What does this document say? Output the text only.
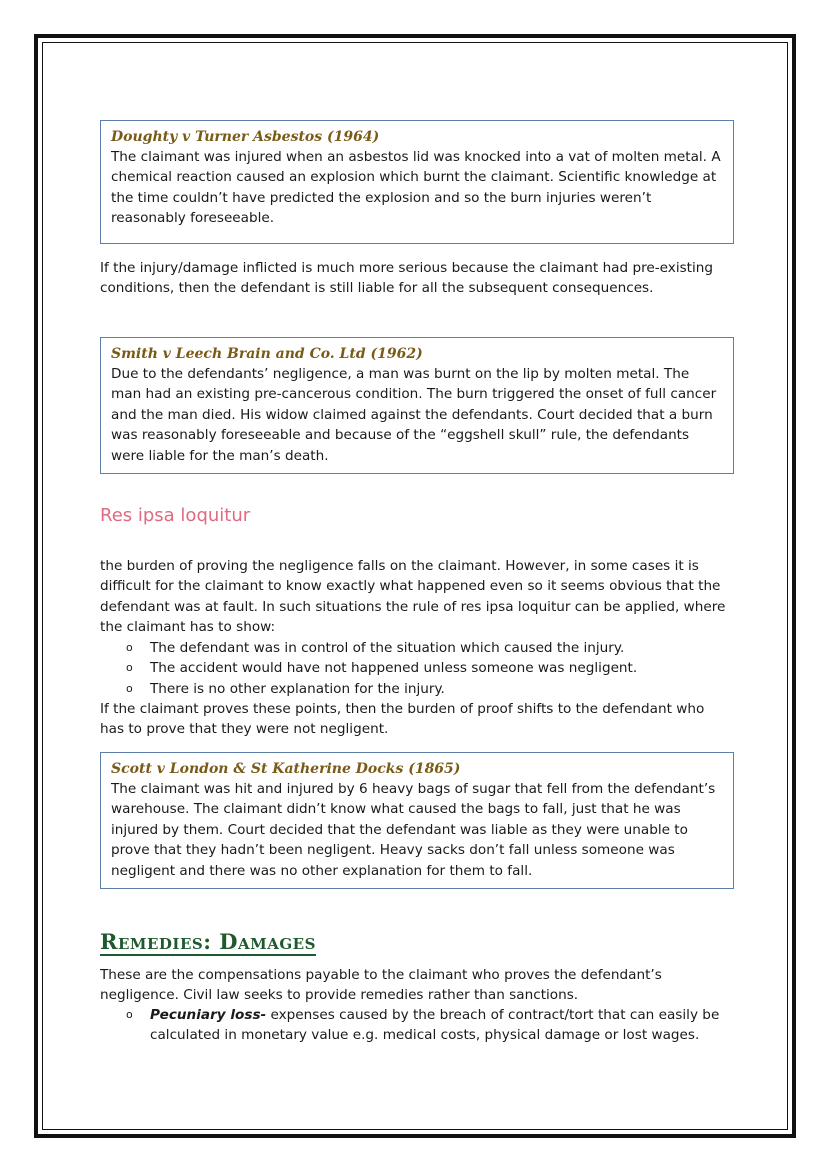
Doughty v Turner Asbestos (1964)
The claimant was injured when an asbestos lid was knocked into a vat of molten metal. A chemical reaction caused an explosion which burnt the claimant. Scientific knowledge at the time couldn’t have predicted the explosion and so the burn injuries weren’t reasonably foreseeable.
If the injury/damage inflicted is much more serious because the claimant had pre-existing conditions, then the defendant is still liable for all the subsequent consequences.
Smith v Leech Brain and Co. Ltd (1962)
Due to the defendants’ negligence, a man was burnt on the lip by molten metal. The man had an existing pre-cancerous condition. The burn triggered the onset of full cancer and the man died. His widow claimed against the defendants. Court decided that a burn was reasonably foreseeable and because of the “eggshell skull” rule, the defendants were liable for the man’s death.
Res ipsa loquitur
the burden of proving the negligence falls on the claimant. However, in some cases it is difficult for the claimant to know exactly what happened even so it seems obvious that the defendant was at fault. In such situations the rule of res ipsa loquitur can be applied, where the claimant has to show:
o The defendant was in control of the situation which caused the injury.
o The accident would have not happened unless someone was negligent.
o There is no other explanation for the injury.
If the claimant proves these points, then the burden of proof shifts to the defendant who has to prove that they were not negligent.
Scott v London & St Katherine Docks (1865)
The claimant was hit and injured by 6 heavy bags of sugar that fell from the defendant’s warehouse. The claimant didn’t know what caused the bags to fall, just that he was injured by them. Court decided that the defendant was liable as they were unable to prove that they hadn’t been negligent. Heavy sacks don’t fall unless someone was negligent and there was no other explanation for them to fall.
Remedies: Damages
These are the compensations payable to the claimant who proves the defendant’s negligence. Civil law seeks to provide remedies rather than sanctions.
o Pecuniary loss- expenses caused by the breach of contract/tort that can easily be calculated in monetary value e.g. medical costs, physical damage or lost wages.
